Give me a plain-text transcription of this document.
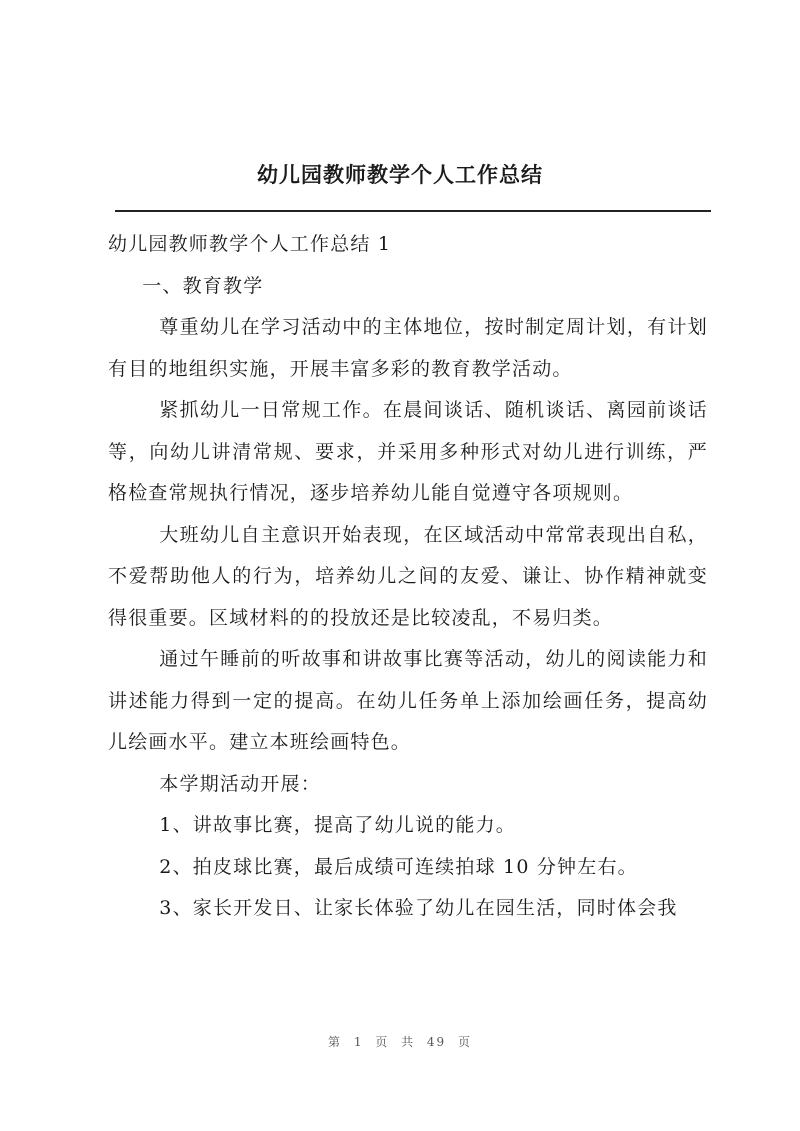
幼儿园教师教学个人工作总结

幼儿园教师教学个人工作总结 1

一、教育教学

尊重幼儿在学习活动中的主体地位，按时制定周计划，有计划有目的地组织实施，开展丰富多彩的教育教学活动。

紧抓幼儿一日常规工作。在晨间谈话、随机谈话、离园前谈话等，向幼儿讲清常规、要求，并采用多种形式对幼儿进行训练，严格检查常规执行情况，逐步培养幼儿能自觉遵守各项规则。

大班幼儿自主意识开始表现，在区域活动中常常表现出自私，不爱帮助他人的行为，培养幼儿之间的友爱、谦让、协作精神就变得很重要。区域材料的的投放还是比较凌乱，不易归类。

通过午睡前的听故事和讲故事比赛等活动，幼儿的阅读能力和讲述能力得到一定的提高。在幼儿任务单上添加绘画任务，提高幼儿绘画水平。建立本班绘画特色。

本学期活动开展：

1、讲故事比赛，提高了幼儿说的能力。

2、拍皮球比赛，最后成绩可连续拍球 10 分钟左右。

3、家长开发日、让家长体验了幼儿在园生活，同时体会我

第 1 页 共 49 页
